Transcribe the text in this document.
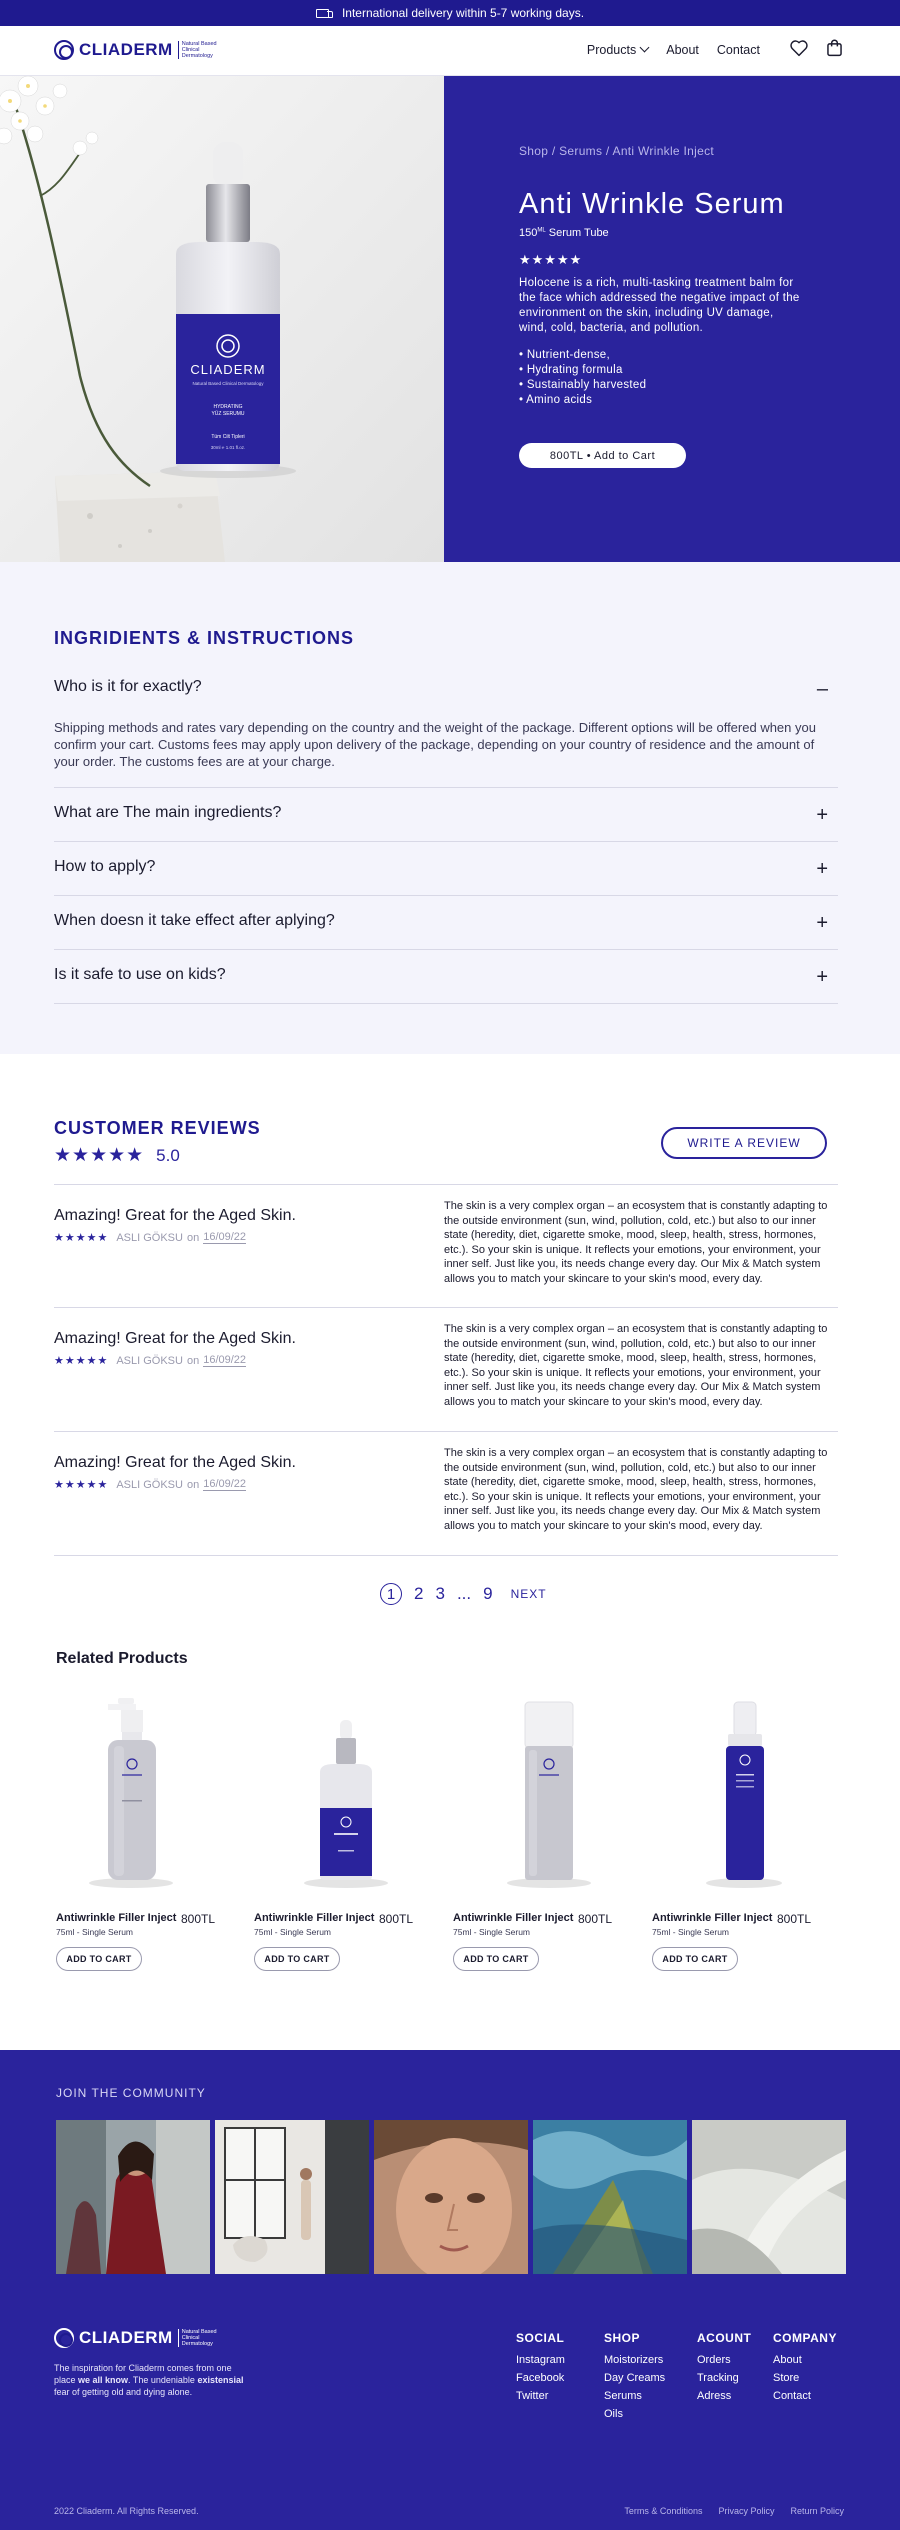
International delivery within 5-7 working days.
CLIADERM	Natural Based Clinical Dermatology	Products	About Contact
CLIADERM
Natural Based Clinical Dermatology
HYDRATING
YÜZ SERUMU
Tüm Cilt Tipleri
30ml ℮ 1.01 fl.oz.
Shop / Serums / Anti Wrinkle Inject
Anti Wrinkle Serum
$150^{ML}$ Serum Tube
★★★★★

Holocene is a rich, multi-tasking treatment balm for the face which addressed the negative impact of the environment on the skin, including UV damage, wind, cold, bacteria, and pollution.

• Nutrient-dense,
• Hydrating formula
• Sustainably harvested
• Amino acids
800TL • Add to Cart
INGRIDIENTS & INSTRUCTIONS
Who is it for exactly?	–

Shipping methods and rates vary depending on the country and the weight of the package. Different options will be offered when you confirm your cart. Customs fees may apply upon delivery of the package, depending on your country of residence and the amount of your order. The customs fees are at your charge.

What are The main ingredients?	+
How to apply?	+
When doesn it take effect after aplying?	+
Is it safe to use on kids?	+
CUSTOMER REVIEWS
★★★★★ 5.0
WRITE A REVIEW
Amazing! Great for the Aged Skin.
★★★★★ ASLI GÖKSU on 16/09/22

The skin is a very complex organ – an ecosystem that is constantly adapting to the outside environment (sun, wind, pollution, cold, etc.) but also to our inner state (heredity, diet, cigarette smoke, mood, sleep, health, stress, hormones, etc.). So your skin is unique. It reflects your emotions, your environment, your inner self. Just like you, its needs change every day. Our Mix & Match system allows you to match your skincare to your skin's mood, every day.

Amazing! Great for the Aged Skin.
★★★★★ ASLI GÖKSU on 16/09/22

The skin is a very complex organ – an ecosystem that is constantly adapting to the outside environment (sun, wind, pollution, cold, etc.) but also to our inner state (heredity, diet, cigarette smoke, mood, sleep, health, stress, hormones, etc.). So your skin is unique. It reflects your emotions, your environment, your inner self. Just like you, its needs change every day. Our Mix & Match system allows you to match your skincare to your skin's mood, every day.

Amazing! Great for the Aged Skin.
★★★★★ ASLI GÖKSU on 16/09/22

The skin is a very complex organ – an ecosystem that is constantly adapting to the outside environment (sun, wind, pollution, cold, etc.) but also to our inner state (heredity, diet, cigarette smoke, mood, sleep, health, stress, hormones, etc.). So your skin is unique. It reflects your emotions, your environment, your inner self. Just like you, its needs change every day. Our Mix & Match system allows you to match your skincare to your skin's mood, every day.

1	2 3 ... 9 NEXT
Related Products
Antiwrinkle Filler Inject 800TL
75ml - Single Serum
ADD TO CART
Antiwrinkle Filler Inject 800TL
75ml - Single Serum
ADD TO CART
Antiwrinkle Filler Inject 800TL
75ml - Single Serum
ADD TO CART
Antiwrinkle Filler Inject 800TL
75ml - Single Serum
ADD TO CART
JOIN THE COMMUNITY
CLIADERM	Natural Based Clinical Dermatology

The inspiration for Cliaderm comes from one place we all know. The undeniable existensial fear of getting old and dying alone.

SOCIAL
Instagram
Facebook
Twitter
SHOP
Moistorizers
Day Creams
Serums
Oils
ACOUNT
Orders
Tracking
Adress
COMPANY
About
Store
Contact
2022 Cliaderm. All Rights Reserved.	Terms & Conditions Privacy Policy Return Policy
